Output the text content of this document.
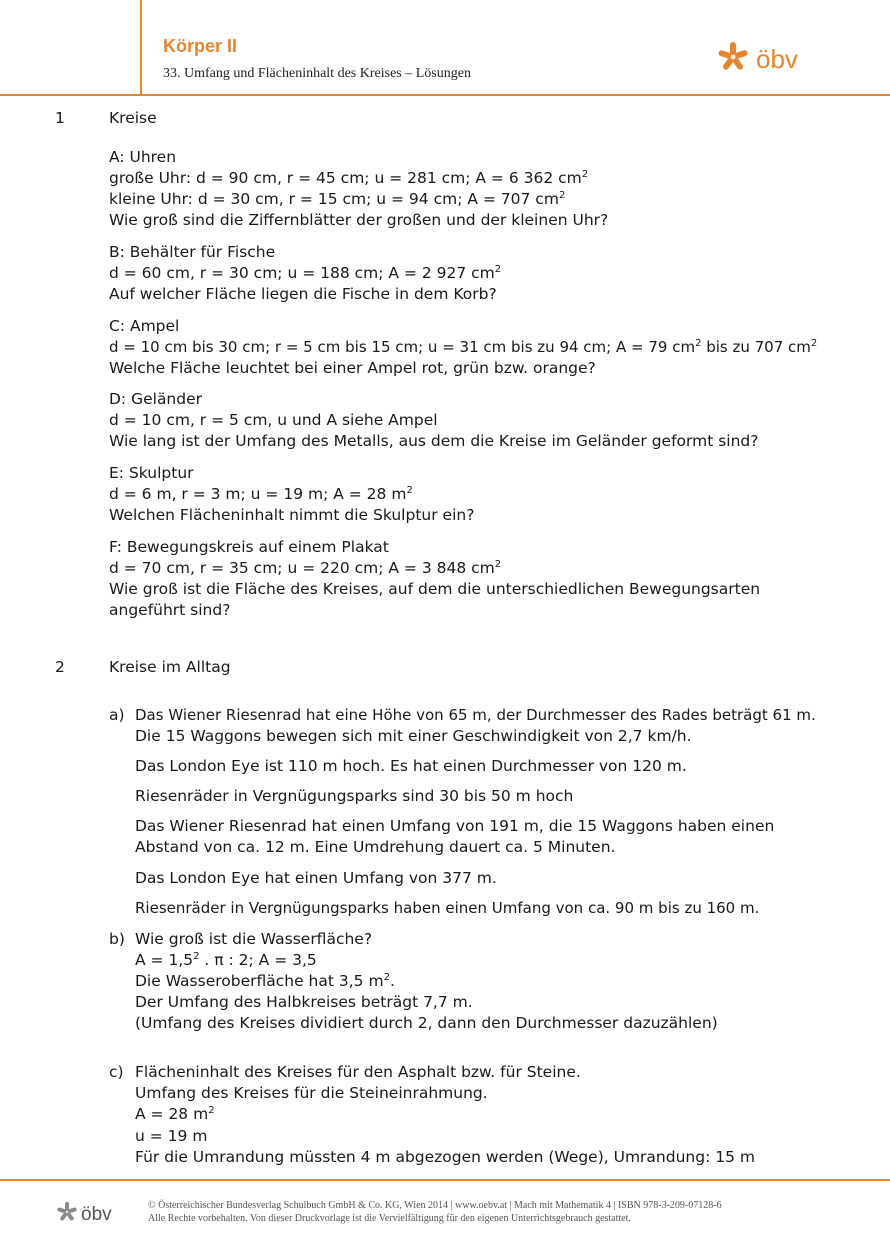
Körper II
33. Umfang und Flächeninhalt des Kreises – Lösungen	öbv
1	Kreise
A: Uhren
große Uhr: d = 90 cm, r = 45 cm; u = 281 cm; A = 6 362 $cm^2$
kleine Uhr: d = 30 cm, r = 15 cm; u = 94 cm; A = 707 $cm^2$
Wie groß sind die Ziffernblätter der großen und der kleinen Uhr?
B: Behälter für Fische
d = 60 cm, r = 30 cm; u = 188 cm; A = 2 927 $cm^2$
Auf welcher Fläche liegen die Fische in dem Korb?
C: Ampel
d = 10 cm bis 30 cm; r = 5 cm bis 15 cm; u = 31 cm bis zu 94 cm; A = 79 $cm^2$ bis zu 707 $cm^2$
Welche Fläche leuchtet bei einer Ampel rot, grün bzw. orange?
D: Geländer
d = 10 cm, r = 5 cm, u und A siehe Ampel
Wie lang ist der Umfang des Metalls, aus dem die Kreise im Geländer geformt sind?
E: Skulptur
d = 6 m, r = 3 m; u = 19 m; A = 28 $m^2$
Welchen Flächeninhalt nimmt die Skulptur ein?
F: Bewegungskreis auf einem Plakat
d = 70 cm, r = 35 cm; u = 220 cm; A = 3 848 $cm^2$
Wie groß ist die Fläche des Kreises, auf dem die unterschiedlichen Bewegungsarten
angeführt sind?
2	Kreise im Alltag
a) Das Wiener Riesenrad hat eine Höhe von 65 m, der Durchmesser des Rades beträgt 61 m.
Die 15 Waggons bewegen sich mit einer Geschwindigkeit von 2,7 km/h.
Das London Eye ist 110 m hoch. Es hat einen Durchmesser von 120 m.
Riesenräder in Vergnügungsparks sind 30 bis 50 m hoch
Das Wiener Riesenrad hat einen Umfang von 191 m, die 15 Waggons haben einen
Abstand von ca. 12 m. Eine Umdrehung dauert ca. 5 Minuten.
Das London Eye hat einen Umfang von 377 m.
Riesenräder in Vergnügungsparks haben einen Umfang von ca. 90 m bis zu 160 m.
b) Wie groß ist die Wasserfläche?
$A = 1,5^2$ . π : 2; A = 3,5
Die Wasseroberfläche hat 3,5 $m^2$.
Der Umfang des Halbkreises beträgt 7,7 m.
(Umfang des Kreises dividiert durch 2, dann den Durchmesser dazuzählen)
c) Flächeninhalt des Kreises für den Asphalt bzw. für Steine.
Umfang des Kreises für die Steineinrahmung.
A = 28 $m^2$
u = 19 m
Für die Umrandung müssten 4 m abgezogen werden (Wege), Umrandung: 15 m
öbv	© Österreichischer Bundesverlag Schulbuch GmbH & Co. KG, Wien 2014 | www.oebv.at | Mach mit Mathematik 4 | ISBN 978-3-209-07128-6
Alle Rechte vorbehalten. Von dieser Druckvorlage ist die Vervielfältigung für den eigenen Unterrichtsgebrauch gestattet.
